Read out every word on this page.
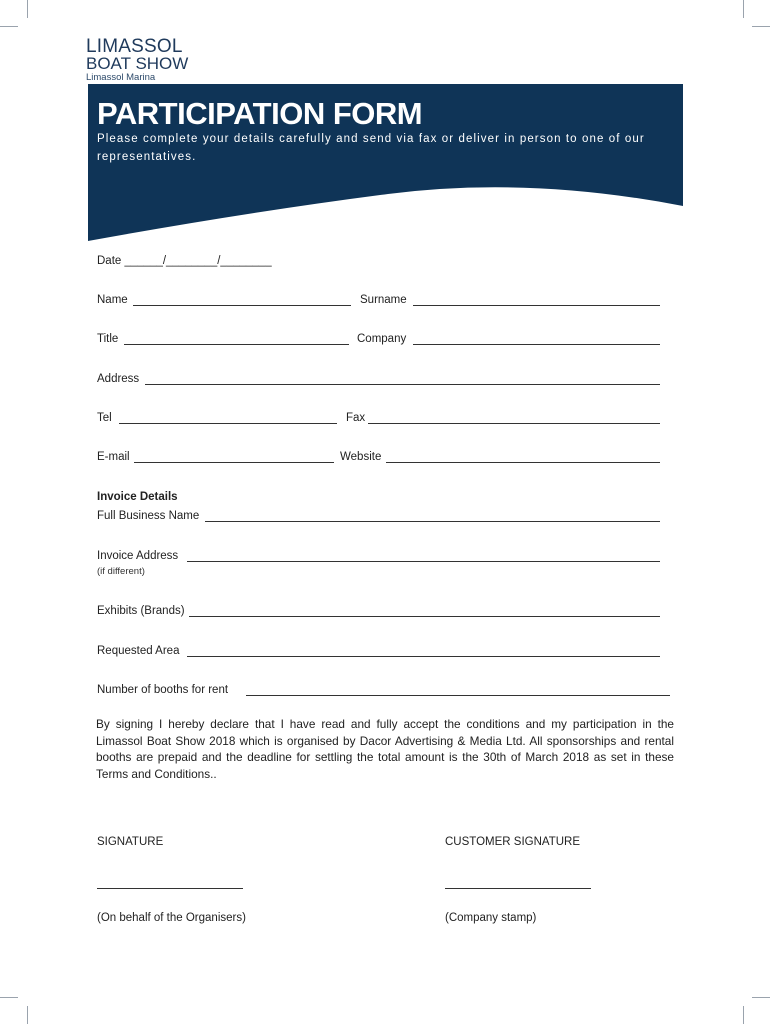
LIMASSOL
BOAT SHOW
Limassol Marina
PARTICIPATION FORM

Please complete your details carefully and send via fax or deliver in person to one of our representatives.

Date ______/________/________
Name	Surname
Title	Company
Address
Tel	Fax
E-mail	Website
Invoice Details
Full Business Name
Invoice Address
(if different)
Exhibits (Brands)
Requested Area
Number of booths for rent

By signing I hereby declare that I have read and fully accept the conditions and my participation in the Limassol Boat Show 2018 which is organised by Dacor Advertising & Media Ltd. All sponsorships and rental booths are prepaid and the deadline for settling the total amount is the 30th of March 2018 as set in these Terms and Conditions..

SIGNATURE	CUSTOMER SIGNATURE
(On behalf of the Organisers)	(Company stamp)
